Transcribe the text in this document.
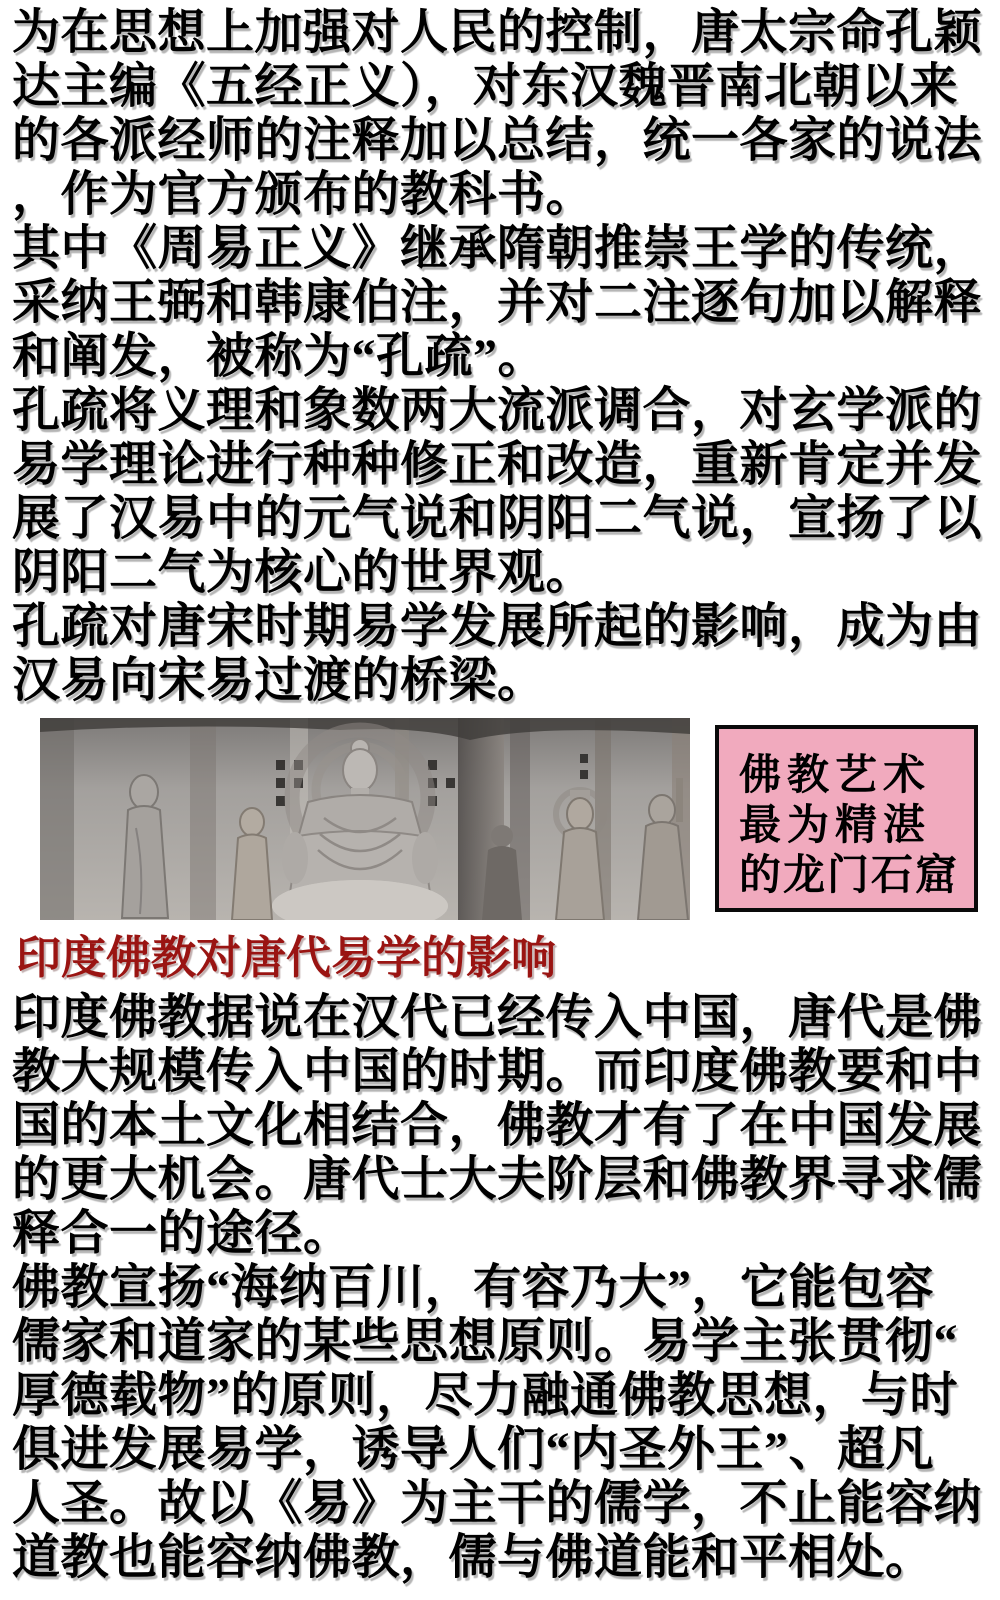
为在思想上加强对人民的控制，唐太宗命孔颖
达主编《五经正义），对东汉魏晋南北朝以来
的各派经师的注释加以总结，统一各家的说法
，作为官方颁布的教科书。
其中《周易正义》继承隋朝推崇王学的传统，
采纳王弼和韩康伯注，并对二注逐句加以解释
和阐发，被称为“孔疏”。
孔疏将义理和象数两大流派调合，对玄学派的
易学理论进行种种修正和改造，重新肯定并发
展了汉易中的元气说和阴阳二气说，宣扬了以
阴阳二气为核心的世界观。
孔疏对唐宋时期易学发展所起的影响，成为由
汉易向宋易过渡的桥梁。
佛教艺术
最为精湛
的龙门石窟
印度佛教对唐代易学的影响
印度佛教据说在汉代已经传入中国，唐代是佛
教大规模传入中国的时期。而印度佛教要和中
国的本土文化相结合，佛教才有了在中国发展
的更大机会。唐代士大夫阶层和佛教界寻求儒
释合一的途径。
佛教宣扬“海纳百川，有容乃大”，它能包容
儒家和道家的某些思想原则。易学主张贯彻“
厚德载物”的原则，尽力融通佛教思想，与时
俱进发展易学，诱导人们“内圣外王”、超凡
人圣。故以《易》为主干的儒学，不止能容纳
道教也能容纳佛教，儒与佛道能和平相处。
